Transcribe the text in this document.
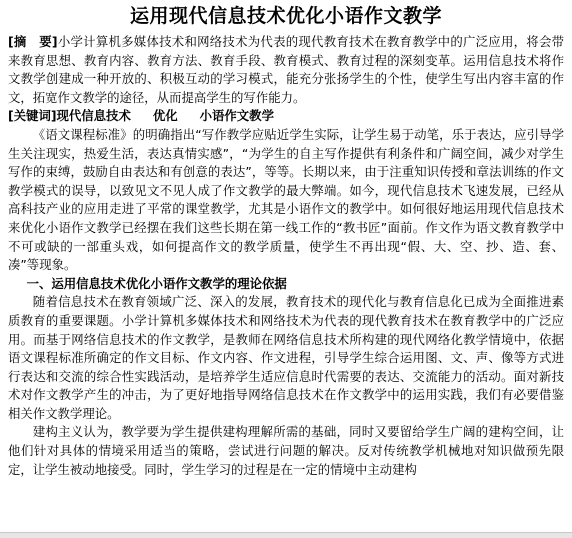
运用现代信息技术优化小语作文教学

[摘　要]小学计算机多媒体技术和网络技术为代表的现代教育技术在教育教学中的广泛应用，将会带来教育思想、教育内容、教育方法、教育手段、教育模式、教育过程的深刻变革。运用信息技术将作文教学创建成一种开放的、积极互动的学习模式，能充分张扬学生的个性，使学生写出内容丰富的作文，拓宽作文教学的途径，从而提高学生的写作能力。

[关键词]现代信息技术 优化 小语作文教学

《语文课程标准》的明确指出“写作教学应贴近学生实际，让学生易于动笔，乐于表达，应引导学生关注现实，热爱生活，表达真情实感”，“为学生的自主写作提供有利条件和广阔空间，减少对学生写作的束缚，鼓励自由表达和有创意的表达”，等等。长期以来，由于注重知识传授和章法训练的作文教学模式的误导，以致见文不见人成了作文教学的最大弊端。如今，现代信息技术飞速发展，已经从高科技产业的应用走进了平常的课堂教学，尤其是小语作文的教学中。如何很好地运用现代信息技术来优化小语作文教学已经摆在我们这些长期在第一线工作的“教书匠”面前。作文作为语文教育教学中不可或缺的一部重头戏，如何提高作文的教学质量，使学生不再出现“假、大、空、抄、造、套、凑”等现象。

一、运用信息技术优化小语作文教学的理论依据

随着信息技术在教育领域广泛、深入的发展，教育技术的现代化与教育信息化已成为全面推进素质教育的重要课题。小学计算机多媒体技术和网络技术为代表的现代教育技术在教育教学中的广泛应用。而基于网络信息技术的作文教学，是教师在网络信息技术所构建的现代网络化教学情境中，依据语文课程标准所确定的作文目标、作文内容、作文进程，引导学生综合运用图、文、声、像等方式进行表达和交流的综合性实践活动，是培养学生适应信息时代需要的表达、交流能力的活动。面对新技术对作文教学产生的冲击，为了更好地指导网络信息技术在作文教学中的运用实践，我们有必要借鉴相关作文教学理论。

建构主义认为，教学要为学生提供建构理解所需的基础，同时又要留给学生广阔的建构空间，让他们针对具体的情境采用适当的策略，尝试进行问题的解决。反对传统教学机械地对知识做预先限定，让学生被动地接受。同时，学生学习的过程是在一定的情境中主动建构
